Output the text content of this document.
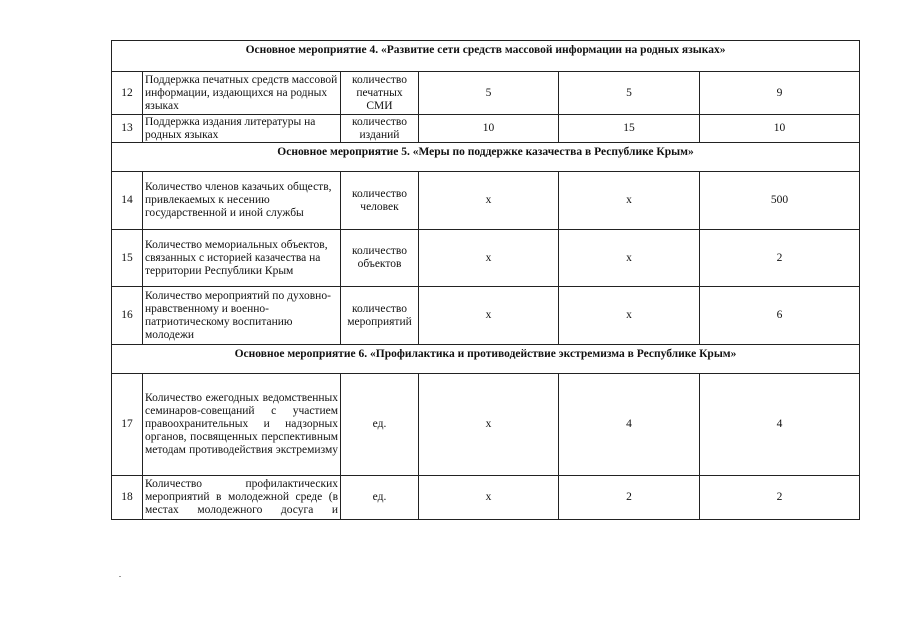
Основное мероприятие 4. «Развитие сети средств массовой информации на родных языках»					
12	Поддержка печатных средств массовой информации, издающихся на родных языках	количество печатных СМИ	5	5	9
13	Поддержка издания литературы на родных языках	количество изданий	10	15	10
Основное мероприятие 5. «Меры по поддержке казачества в Республике Крым»					
14	Количество членов казачьих обществ, привлекаемых к несению государственной и иной службы	количество человек	х	х	500
15	Количество мемориальных объектов, связанных с историей казачества на территории Республики Крым	количество объектов	х	х	2
16	Количество мероприятий по духовно-нравственному и военно-патриотическому воспитанию молодежи	количество мероприятий	х	х	6
Основное мероприятие 6. «Профилактика и противодействие экстремизма в Республике Крым»					
17	Количество ежегодных ведомственных семинаров-совещаний с участием правоохранительных и надзорных органов, посвященных перспективным методам противодействия экстремизму	ед.	х	4	4
18	Количество профилактических мероприятий в молодежной среде (в местах молодежного досуга и	ед.	х	2	2
